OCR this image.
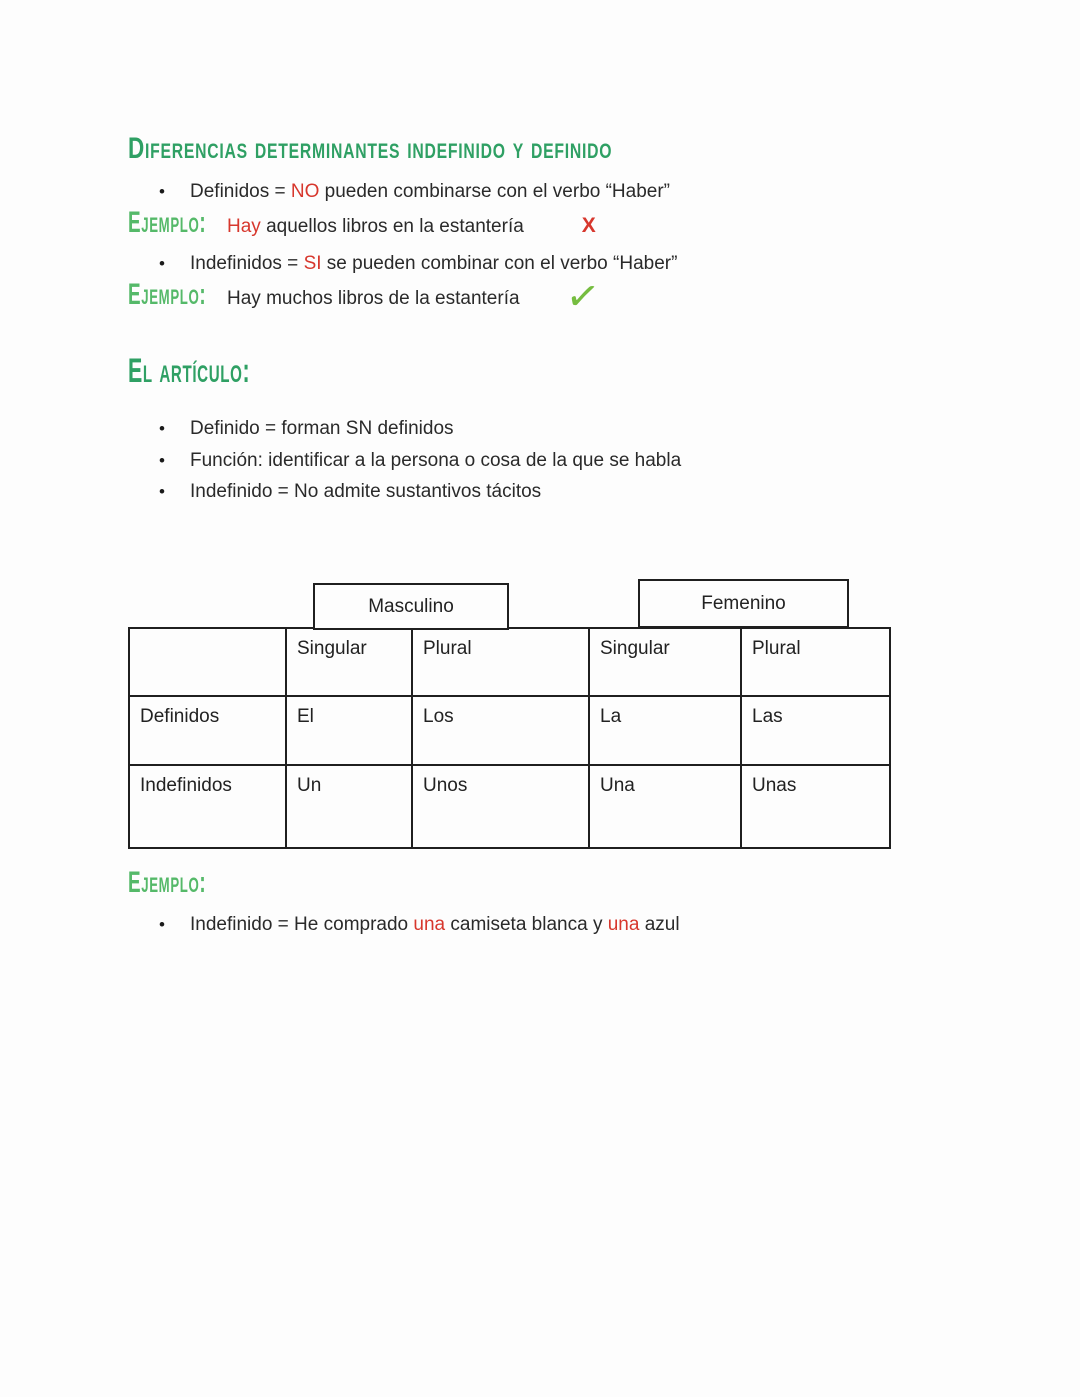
Diferencias determinantes indefinido y definido
•	Definidos = NO pueden combinarse con el verbo “Haber”
Ejemplo: Hay aquellos libros en la estantería	X
•	Indefinidos = SI se pueden combinar con el verbo “Haber”
Ejemplo: Hay muchos libros de la estantería ✓
El artículo:
•	Definido = forman SN definidos
•	Función: identificar a la persona o cosa de la que se habla
•	Indefinido = No admite sustantivos tácitos
Masculino	Femenino
	Singular	Plural	Singular	Plural
Definidos	El	Los	La	Las
Indefinidos	Un	Unos	Una	Unas
Ejemplo:
•	Indefinido = He comprado una camiseta blanca y una azul
